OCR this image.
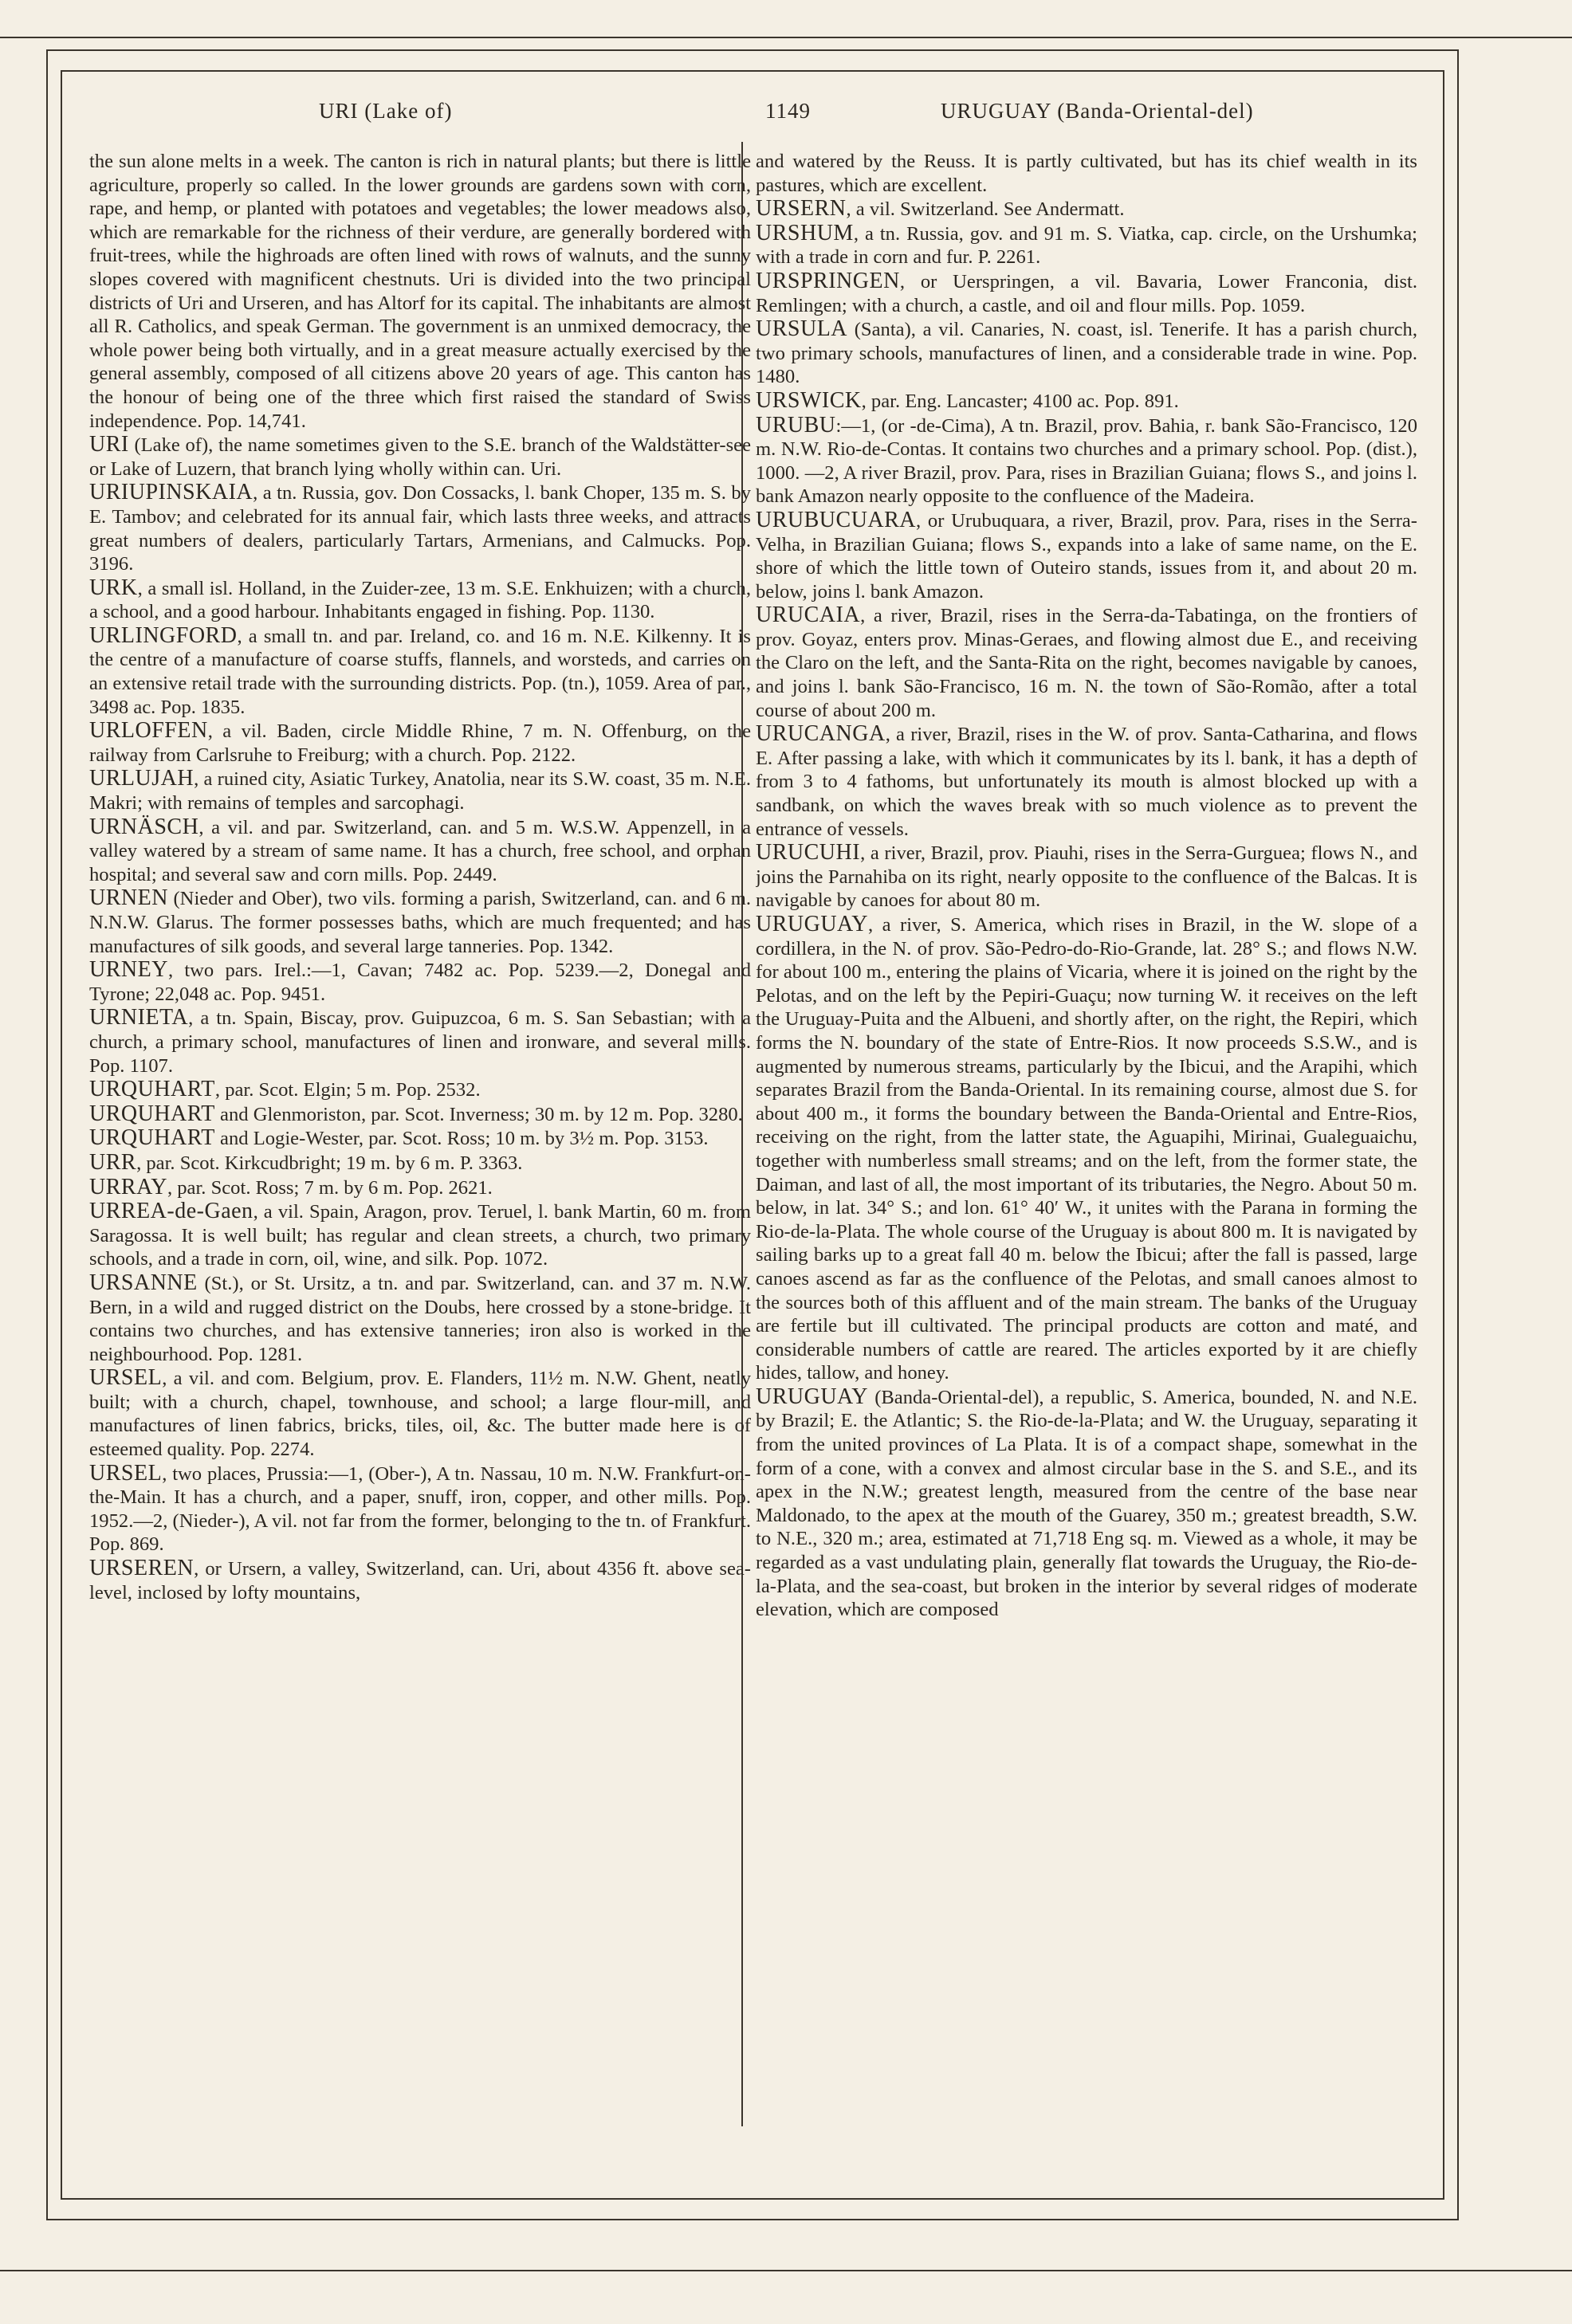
URI (Lake of)	1149	URUGUAY (Banda-Oriental-del)

the sun alone melts in a week. The canton is rich in natural plants; but there is little agriculture, properly so called. In the lower grounds are gardens sown with corn, rape, and hemp, or planted with potatoes and vegetables; the lower meadows also, which are remarkable for the richness of their verdure, are generally bordered with fruit-trees, while the highroads are often lined with rows of walnuts, and the sunny slopes covered with magnificent chestnuts. Uri is divided into the two principal districts of Uri and Urseren, and has Altorf for its capital. The inhabitants are almost all R. Catholics, and speak German. The government is an unmixed democracy, the whole power being both virtually, and in a great measure actually exercised by the general assembly, composed of all citizens above 20 years of age. This canton has the honour of being one of the three which first raised the standard of Swiss independence. Pop. 14,741.

URI (Lake of), the name sometimes given to the S.E. branch of the Waldstätter-see or Lake of Luzern, that branch lying wholly within can. Uri.

URIUPINSKAIA, a tn. Russia, gov. Don Cossacks, l. bank Choper, 135 m. S. by E. Tambov; and celebrated for its annual fair, which lasts three weeks, and attracts great numbers of dealers, particularly Tartars, Armenians, and Calmucks. Pop. 3196.

URK, a small isl. Holland, in the Zuider-zee, 13 m. S.E. Enkhuizen; with a church, a school, and a good harbour. Inhabitants engaged in fishing. Pop. 1130.

URLINGFORD, a small tn. and par. Ireland, co. and 16 m. N.E. Kilkenny. It is the centre of a manufacture of coarse stuffs, flannels, and worsteds, and carries on an extensive retail trade with the surrounding districts. Pop. (tn.), 1059. Area of par., 3498 ac. Pop. 1835.

URLOFFEN, a vil. Baden, circle Middle Rhine, 7 m. N. Offenburg, on the railway from Carlsruhe to Freiburg; with a church. Pop. 2122.

URLUJAH, a ruined city, Asiatic Turkey, Anatolia, near its S.W. coast, 35 m. N.E. Makri; with remains of temples and sarcophagi.

URNÄSCH, a vil. and par. Switzerland, can. and 5 m. W.S.W. Appenzell, in a valley watered by a stream of same name. It has a church, free school, and orphan hospital; and several saw and corn mills. Pop. 2449.

URNEN (Nieder and Ober), two vils. forming a parish, Switzerland, can. and 6 m. N.N.W. Glarus. The former possesses baths, which are much frequented; and has manufactures of silk goods, and several large tanneries. Pop. 1342.

URNEY, two pars. Irel.:—1, Cavan; 7482 ac. Pop. 5239.—2, Donegal and Tyrone; 22,048 ac. Pop. 9451.

URNIETA, a tn. Spain, Biscay, prov. Guipuzcoa, 6 m. S. San Sebastian; with a church, a primary school, manufactures of linen and ironware, and several mills. Pop. 1107.

URQUHART, par. Scot. Elgin; 5 m. Pop. 2532.

URQUHART and Glenmoriston, par. Scot. Inverness; 30 m. by 12 m. Pop. 3280.

URQUHART and Logie-Wester, par. Scot. Ross; 10 m. by 3½ m. Pop. 3153.

URR, par. Scot. Kirkcudbright; 19 m. by 6 m. P. 3363.

URRAY, par. Scot. Ross; 7 m. by 6 m. Pop. 2621.

URREA-de-Gaen, a vil. Spain, Aragon, prov. Teruel, l. bank Martin, 60 m. from Saragossa. It is well built; has regular and clean streets, a church, two primary schools, and a trade in corn, oil, wine, and silk. Pop. 1072.

URSANNE (St.), or St. Ursitz, a tn. and par. Switzerland, can. and 37 m. N.W. Bern, in a wild and rugged district on the Doubs, here crossed by a stone-bridge. It contains two churches, and has extensive tanneries; iron also is worked in the neighbourhood. Pop. 1281.

URSEL, a vil. and com. Belgium, prov. E. Flanders, 11½ m. N.W. Ghent, neatly built; with a church, chapel, townhouse, and school; a large flour-mill, and manufactures of linen fabrics, bricks, tiles, oil, &c. The butter made here is of esteemed quality. Pop. 2274.

URSEL, two places, Prussia:—1, (Ober-), A tn. Nassau, 10 m. N.W. Frankfurt-on-the-Main. It has a church, and a paper, snuff, iron, copper, and other mills. Pop. 1952.—2, (Nieder-), A vil. not far from the former, belonging to the tn. of Frankfurt. Pop. 869.

URSEREN, or Ursern, a valley, Switzerland, can. Uri, about 4356 ft. above sea-level, inclosed by lofty mountains,

and watered by the Reuss. It is partly cultivated, but has its chief wealth in its pastures, which are excellent.

URSERN, a vil. Switzerland. See Andermatt.

URSHUM, a tn. Russia, gov. and 91 m. S. Viatka, cap. circle, on the Urshumka; with a trade in corn and fur. P. 2261.

URSPRINGEN, or Uerspringen, a vil. Bavaria, Lower Franconia, dist. Remlingen; with a church, a castle, and oil and flour mills. Pop. 1059.

URSULA (Santa), a vil. Canaries, N. coast, isl. Tenerife. It has a parish church, two primary schools, manufactures of linen, and a considerable trade in wine. Pop. 1480.

URSWICK, par. Eng. Lancaster; 4100 ac. Pop. 891.

URUBU:—1, (or -de-Cima), A tn. Brazil, prov. Bahia, r. bank São-Francisco, 120 m. N.W. Rio-de-Contas. It contains two churches and a primary school. Pop. (dist.), 1000. —2, A river Brazil, prov. Para, rises in Brazilian Guiana; flows S., and joins l. bank Amazon nearly opposite to the confluence of the Madeira.

URUBUCUARA, or Urubuquara, a river, Brazil, prov. Para, rises in the Serra-Velha, in Brazilian Guiana; flows S., expands into a lake of same name, on the E. shore of which the little town of Outeiro stands, issues from it, and about 20 m. below, joins l. bank Amazon.

URUCAIA, a river, Brazil, rises in the Serra-da-Tabatinga, on the frontiers of prov. Goyaz, enters prov. Minas-Geraes, and flowing almost due E., and receiving the Claro on the left, and the Santa-Rita on the right, becomes navigable by canoes, and joins l. bank São-Francisco, 16 m. N. the town of São-Romão, after a total course of about 200 m.

URUCANGA, a river, Brazil, rises in the W. of prov. Santa-Catharina, and flows E. After passing a lake, with which it communicates by its l. bank, it has a depth of from 3 to 4 fathoms, but unfortunately its mouth is almost blocked up with a sandbank, on which the waves break with so much violence as to prevent the entrance of vessels.

URUCUHI, a river, Brazil, prov. Piauhi, rises in the Serra-Gurguea; flows N., and joins the Parnahiba on its right, nearly opposite to the confluence of the Balcas. It is navigable by canoes for about 80 m.

URUGUAY, a river, S. America, which rises in Brazil, in the W. slope of a cordillera, in the N. of prov. São-Pedro-do-Rio-Grande, lat. 28° S.; and flows N.W. for about 100 m., entering the plains of Vicaria, where it is joined on the right by the Pelotas, and on the left by the Pepiri-Guaçu; now turning W. it receives on the left the Uruguay-Puita and the Albueni, and shortly after, on the right, the Repiri, which forms the N. boundary of the state of Entre-Rios. It now proceeds S.S.W., and is augmented by numerous streams, particularly by the Ibicui, and the Arapihi, which separates Brazil from the Banda-Oriental. In its remaining course, almost due S. for about 400 m., it forms the boundary between the Banda-Oriental and Entre-Rios, receiving on the right, from the latter state, the Aguapihi, Mirinai, Gualeguaichu, together with numberless small streams; and on the left, from the former state, the Daiman, and last of all, the most important of its tributaries, the Negro. About 50 m. below, in lat. 34° S.; and lon. 61° 40′ W., it unites with the Parana in forming the Rio-de-la-Plata. The whole course of the Uruguay is about 800 m. It is navigated by sailing barks up to a great fall 40 m. below the Ibicui; after the fall is passed, large canoes ascend as far as the confluence of the Pelotas, and small canoes almost to the sources both of this affluent and of the main stream. The banks of the Uruguay are fertile but ill cultivated. The principal products are cotton and maté, and considerable numbers of cattle are reared. The articles exported by it are chiefly hides, tallow, and honey.

URUGUAY (Banda-Oriental-del), a republic, S. America, bounded, N. and N.E. by Brazil; E. the Atlantic; S. the Rio-de-la-Plata; and W. the Uruguay, separating it from the united provinces of La Plata. It is of a compact shape, somewhat in the form of a cone, with a convex and almost circular base in the S. and S.E., and its apex in the N.W.; greatest length, measured from the centre of the base near Maldonado, to the apex at the mouth of the Guarey, 350 m.; greatest breadth, S.W. to N.E., 320 m.; area, estimated at 71,718 Eng sq. m. Viewed as a whole, it may be regarded as a vast undulating plain, generally flat towards the Uruguay, the Rio-de-la-Plata, and the sea-coast, but broken in the interior by several ridges of moderate elevation, which are composed
